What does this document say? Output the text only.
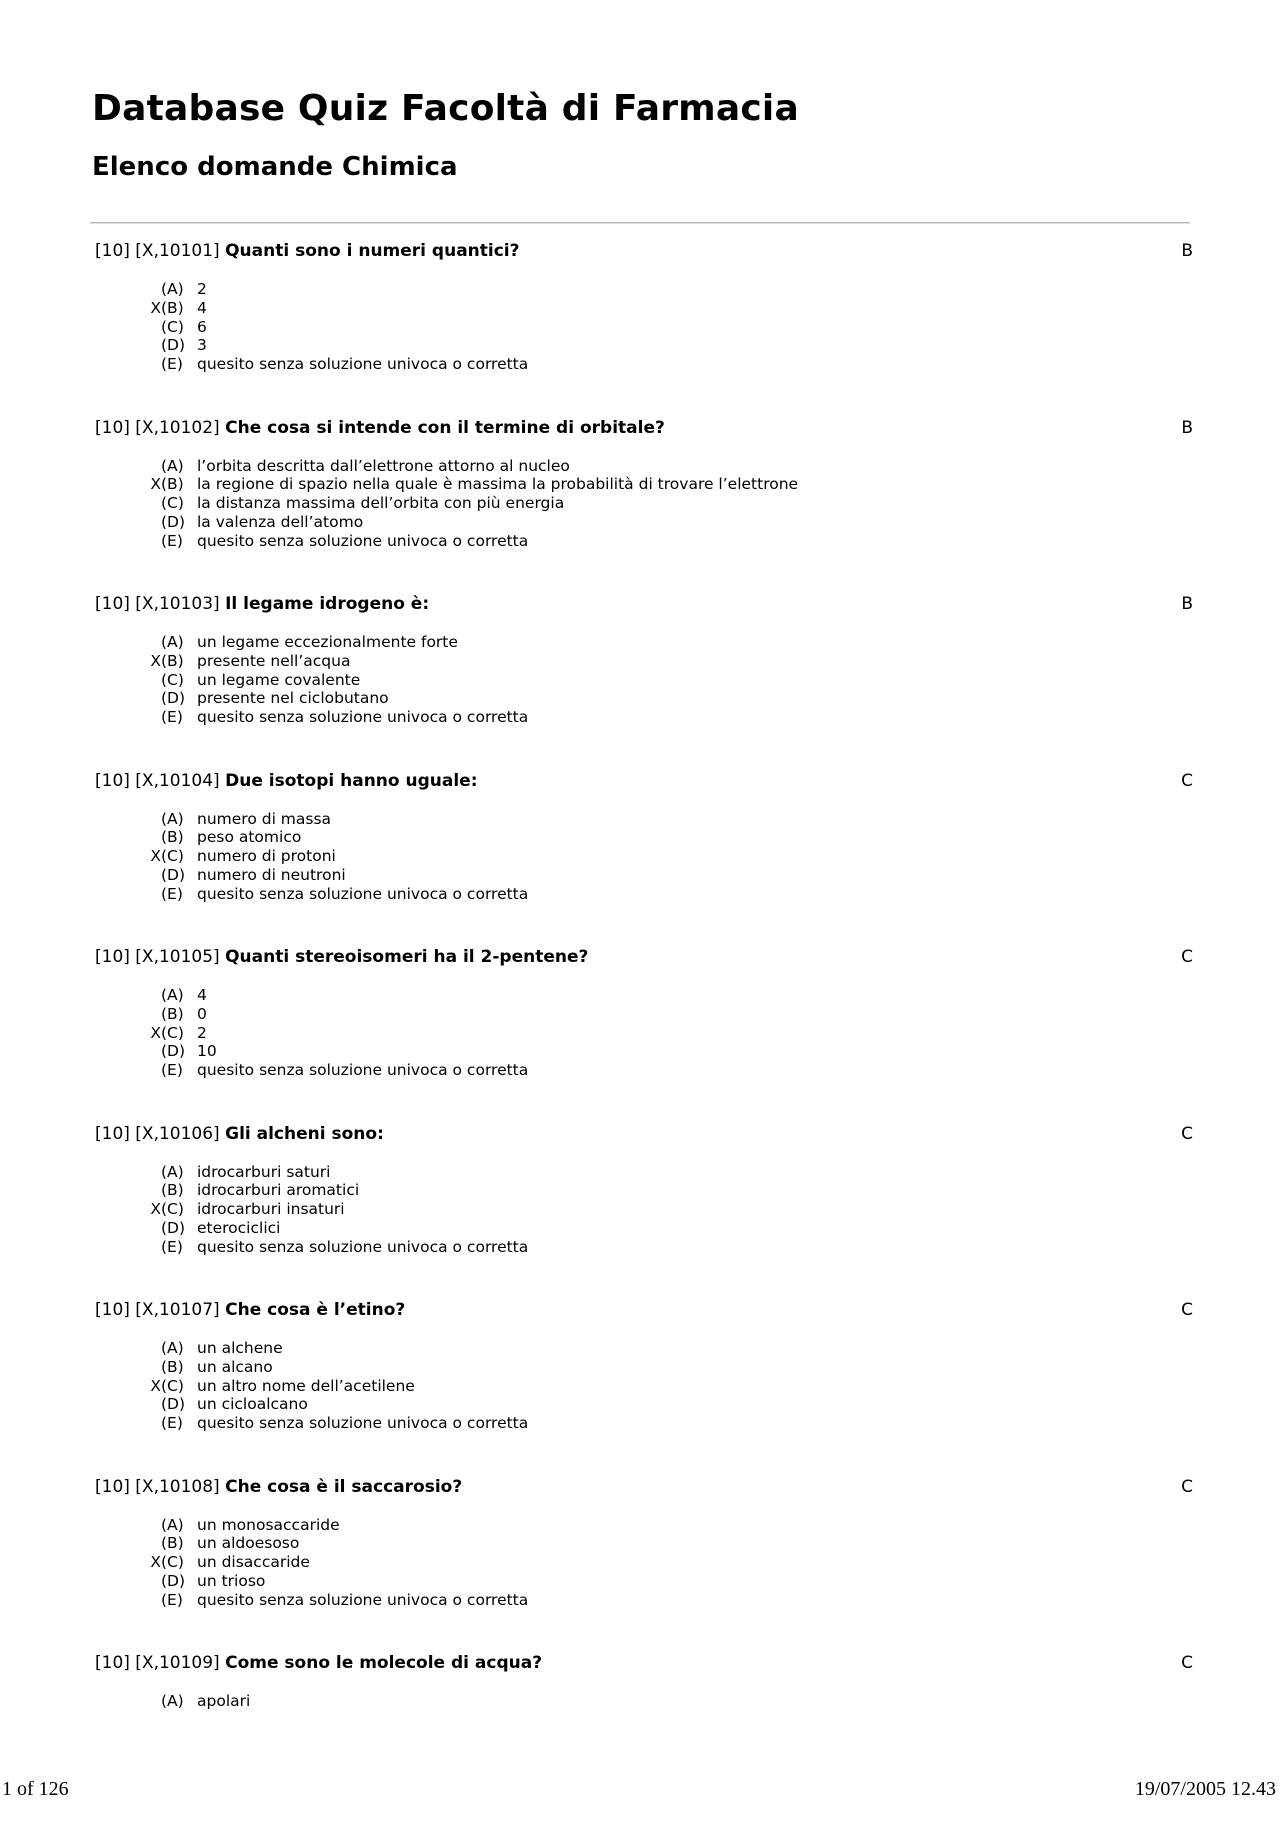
Database Quiz Facoltà di Farmacia
Elenco domande Chimica
[10] [X,10101] Quanti sono i numeri quantici?	B
(A) 2
X(B) 4
(C) 6
(D) 3
(E) quesito senza soluzione univoca o corretta
[10] [X,10102] Che cosa si intende con il termine di orbitale?	B
(A) l’orbita descritta dall’elettrone attorno al nucleo
X(B) la regione di spazio nella quale è massima la probabilità di trovare l’elettrone
(C) la distanza massima dell’orbita con più energia
(D) la valenza dell’atomo
(E) quesito senza soluzione univoca o corretta
[10] [X,10103] Il legame idrogeno è:	B
(A) un legame eccezionalmente forte
X(B) presente nell’acqua
(C) un legame covalente
(D) presente nel ciclobutano
(E) quesito senza soluzione univoca o corretta
[10] [X,10104] Due isotopi hanno uguale:	C
(A) numero di massa
(B) peso atomico
X(C) numero di protoni
(D) numero di neutroni
(E) quesito senza soluzione univoca o corretta
[10] [X,10105] Quanti stereoisomeri ha il 2-pentene?	C
(A) 4
(B) 0
X(C) 2
(D) 10
(E) quesito senza soluzione univoca o corretta
[10] [X,10106] Gli alcheni sono:	C
(A) idrocarburi saturi
(B) idrocarburi aromatici
X(C) idrocarburi insaturi
(D) eterociclici
(E) quesito senza soluzione univoca o corretta
[10] [X,10107] Che cosa è l’etino?	C
(A) un alchene
(B) un alcano
X(C) un altro nome dell’acetilene
(D) un cicloalcano
(E) quesito senza soluzione univoca o corretta
[10] [X,10108] Che cosa è il saccarosio?	C
(A) un monosaccaride
(B) un aldoesoso
X(C) un disaccaride
(D) un trioso
(E) quesito senza soluzione univoca o corretta
[10] [X,10109] Come sono le molecole di acqua?	C
(A) apolari
1 of 126	19/07/2005 12.43
